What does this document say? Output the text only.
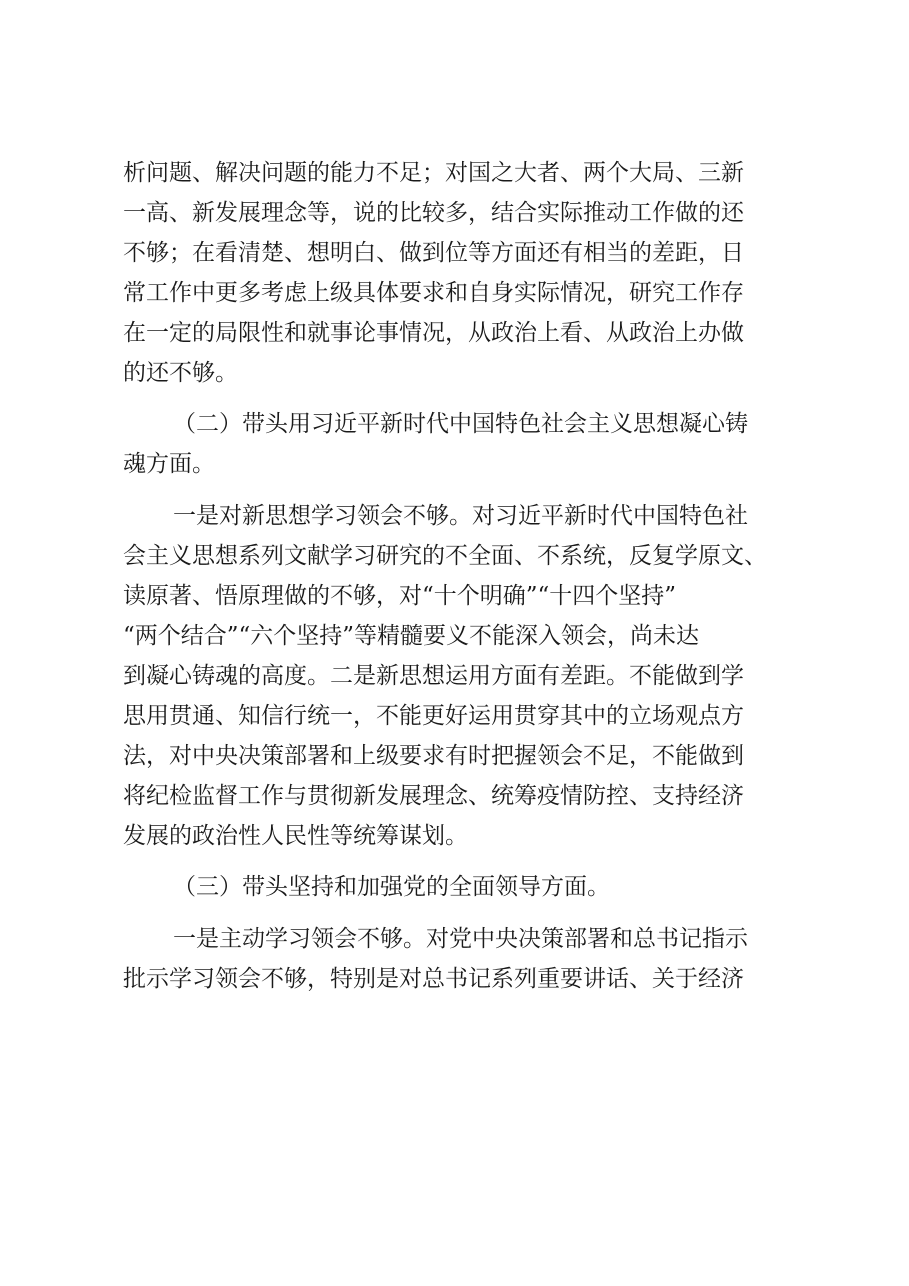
析问题、解决问题的能力不足；对国之大者、两个大局、三新
一高、新发展理念等，说的比较多，结合实际推动工作做的还
不够；在看清楚、想明白、做到位等方面还有相当的差距，日
常工作中更多考虑上级具体要求和自身实际情况，研究工作存
在一定的局限性和就事论事情况，从政治上看、从政治上办做
的还不够。
（二）带头用习近平新时代中国特色社会主义思想凝心铸
魂方面。
一是对新思想学习领会不够。对习近平新时代中国特色社
会主义思想系列文献学习研究的不全面、不系统，反复学原文、
读原著、悟原理做的不够，对“十个明确”“十四个坚持”
“两个结合”“六个坚持”等精髓要义不能深入领会，尚未达
到凝心铸魂的高度。二是新思想运用方面有差距。不能做到学
思用贯通、知信行统一，不能更好运用贯穿其中的立场观点方
法，对中央决策部署和上级要求有时把握领会不足，不能做到
将纪检监督工作与贯彻新发展理念、统筹疫情防控、支持经济
发展的政治性人民性等统筹谋划。
（三）带头坚持和加强党的全面领导方面。
一是主动学习领会不够。对党中央决策部署和总书记指示
批示学习领会不够，特别是对总书记系列重要讲话、关于经济
